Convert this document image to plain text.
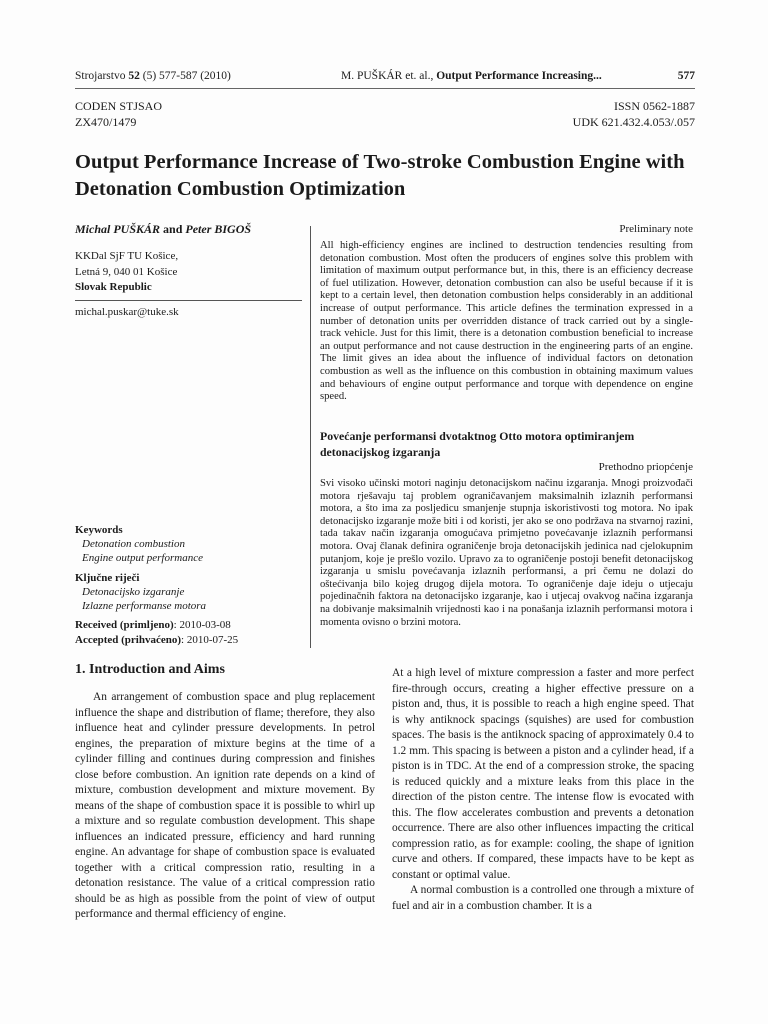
Strojarstvo 52 (5) 577-587 (2010)	M. PUŠKÁR et. al., Output Performance Increasing...	577
CODEN STJSAO	ISSN 0562-1887
ZX470/1479	UDK 621.432.4.053/.057
Output Performance Increase of Two-stroke Combustion Engine with Detonation Combustion Optimization
Michal PUŠKÁR and Peter BIGOŠ
KKDal SjF TU Košice,
Letná 9, 040 01 Košice
Slovak Republic
michal.puskar@tuke.sk
Preliminary note
All high-efficiency engines are inclined to destruction tendencies resulting from detonation combustion. Most often the producers of engines solve this problem with limitation of maximum output performance but, in this, there is an efficiency decrease of fuel utilization. However, detonation combustion can also be useful because if it is kept to a certain level, then detonation combustion helps considerably in an additional increase of output performance. This article defines the termination expressed in a number of detonation units per overridden distance of track carried out by a single-track vehicle. Just for this limit, there is a detonation combustion beneficial to increase an output performance and not cause destruction in the engineering parts of an engine. The limit gives an idea about the influence of individual factors on detonation combustion as well as the influence on this combustion in obtaining maximum values and behaviours of engine output performance and torque with dependence on engine speed.
Povećanje performansi dvotaktnog Otto motora optimiranjem detonacijskog izgaranja
Prethodno priopćenje
Svi visoko učinski motori naginju detonacijskom načinu izgaranja. Mnogi proizvođači motora rješavaju taj problem ograničavanjem maksimalnih izlaznih performansi motora, a što ima za posljedicu smanjenje stupnja iskoristivosti tog motora. No ipak detonacijsko izgaranje može biti i od koristi, jer ako se ono podržava na stvarnoj razini, tada takav način izgaranja omogućava primjetno povećavanje izlaznih performansi motora. Ovaj članak definira ograničenje broja detonacijskih jedinica nad cjelokupnim putanjom, koje je prešlo vozilo. Upravo za to ograničenje postoji benefit detonacijskog izgaranja u smislu povećavanja izlaznih performansi, a pri čemu ne dolazi do oštećivanja bilo kojeg drugog dijela motora. To ograničenje daje ideju o utjecaju pojedinačnih faktora na detonacijsko izgaranje, kao i utjecaj ovakvog načina izgaranja na dobivanje maksimalnih vrijednosti kao i na ponašanja izlaznih performansi motora i momenta ovisno o brzini motora.
Keywords
Detonation combustion
Engine output performance
Ključne riječi
Detonacijsko izgaranje
Izlazne performanse motora
Received (primljeno): 2010-03-08
Accepted (prihvaćeno): 2010-07-25
1. Introduction and Aims

An arrangement of combustion space and plug replacement influence the shape and distribution of flame; therefore, they also influence heat and cylinder pressure developments. In petrol engines, the preparation of mixture begins at the time of a cylinder filling and continues during compression and finishes close before combustion. An ignition rate depends on a kind of mixture, combustion development and mixture movement. By means of the shape of combustion space it is possible to whirl up a mixture and so regulate combustion development. This shape influences an indicated pressure, efficiency and hard running engine. An advantage for shape of combustion space is evaluated together with a critical compression ratio, resulting in a detonation resistance. The value of a critical compression ratio should be as high as possible from the point of view of output performance and thermal efficiency of engine.

At a high level of mixture compression a faster and more perfect fire-through occurs, creating a higher effective pressure on a piston and, thus, it is possible to reach a high engine speed. That is why antiknock spacings (squishes) are used for combustion spaces. The basis is the antiknock spacing of approximately 0.4 to 1.2 mm. This spacing is between a piston and a cylinder head, if a piston is in TDC. At the end of a compression stroke, the spacing is reduced quickly and a mixture leaks from this place in the direction of the piston centre. The intense flow is evocated with this. The flow accelerates combustion and prevents a detonation occurrence. There are also other influences impacting the critical compression ratio, as for example: cooling, the shape of ignition curve and others. If compared, these impacts have to be kept as constant or optimal value.

A normal combustion is a controlled one through a mixture of fuel and air in a combustion chamber. It is a
